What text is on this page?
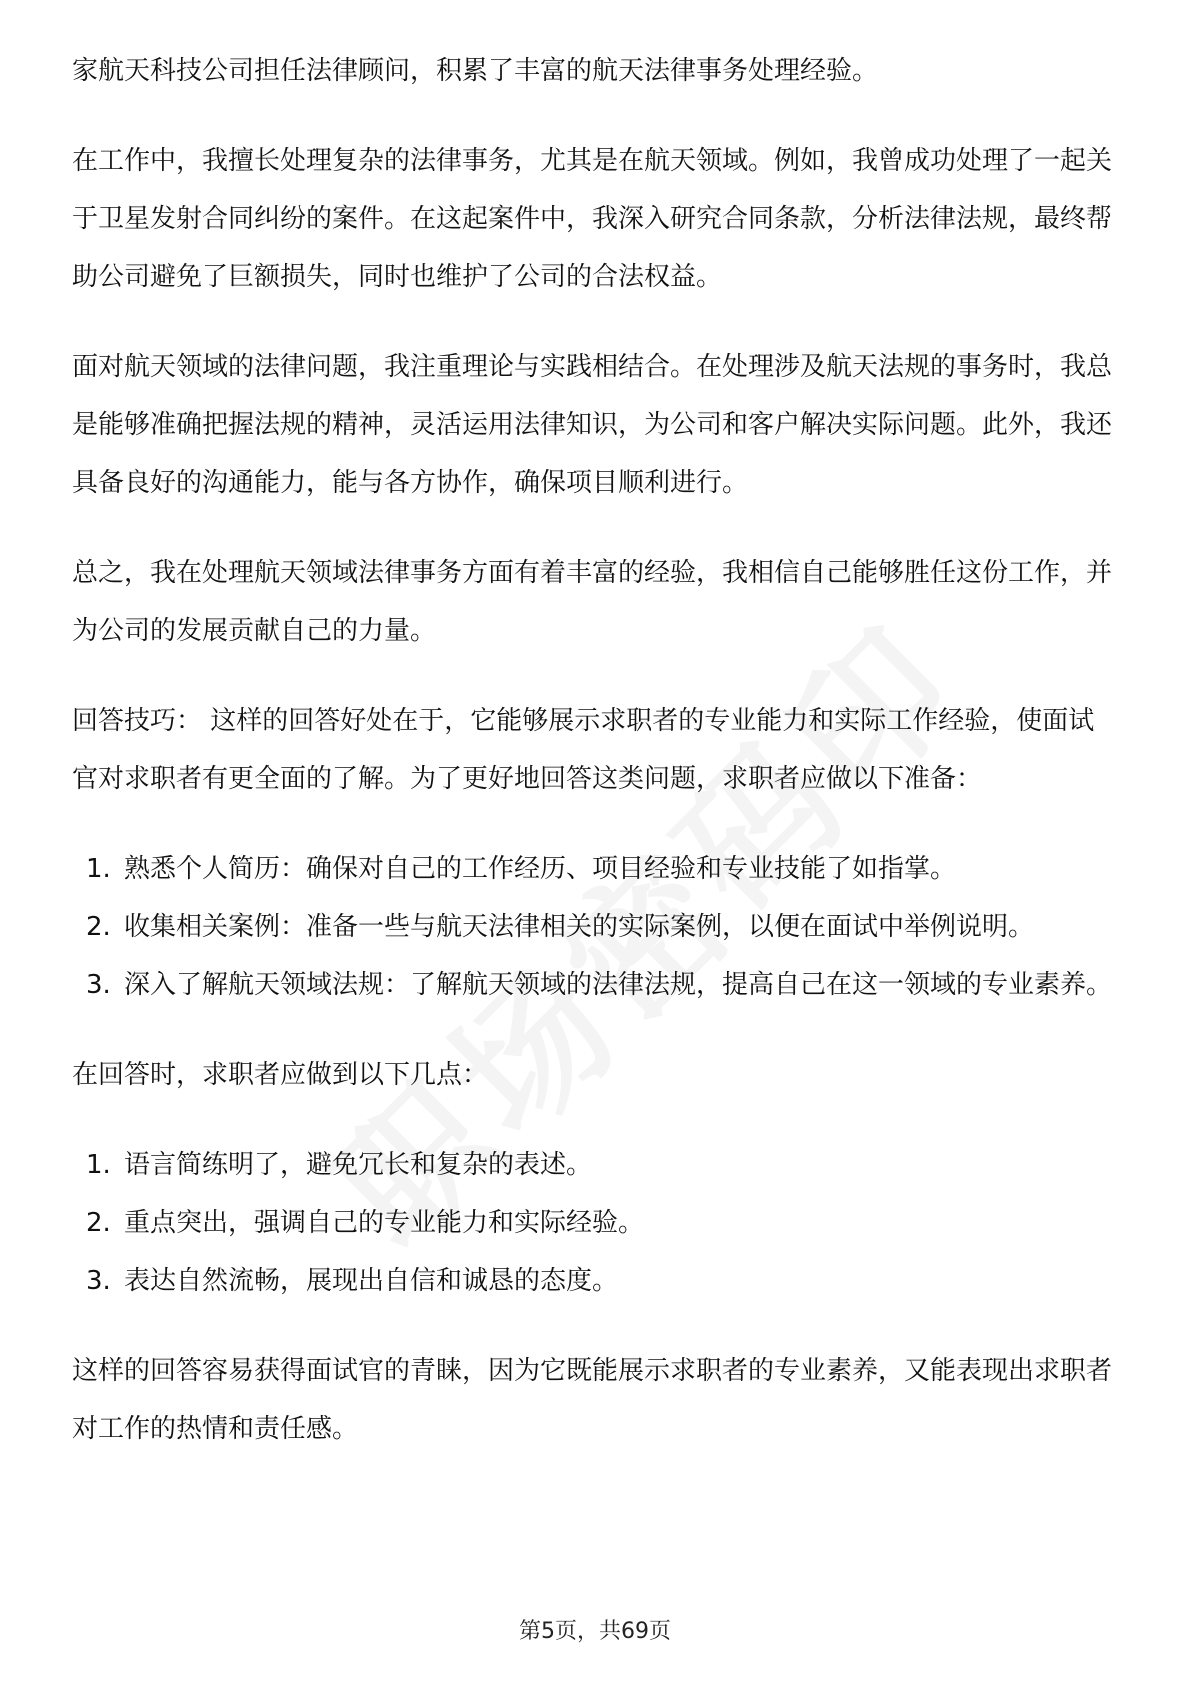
家航天科技公司担任法律顾问，积累了丰富的航天法律事务处理经验。

在工作中，我擅长处理复杂的法律事务，尤其是在航天领域。例如，我曾成功处理了一起关于卫星发射合同纠纷的案件。在这起案件中，我深入研究合同条款，分析法律法规，最终帮助公司避免了巨额损失，同时也维护了公司的合法权益。

面对航天领域的法律问题，我注重理论与实践相结合。在处理涉及航天法规的事务时，我总是能够准确把握法规的精神，灵活运用法律知识，为公司和客户解决实际问题。此外，我还具备良好的沟通能力，能与各方协作，确保项目顺利进行。

总之，我在处理航天领域法律事务方面有着丰富的经验，我相信自己能够胜任这份工作，并为公司的发展贡献自己的力量。

回答技巧： 这样的回答好处在于，它能够展示求职者的专业能力和实际工作经验，使面试官对求职者有更全面的了解。为了更好地回答这类问题，求职者应做以下准备：

1. 熟悉个人简历：确保对自己的工作经历、项目经验和专业技能了如指掌。
2. 收集相关案例：准备一些与航天法律相关的实际案例，以便在面试中举例说明。
3. 深入了解航天领域法规：了解航天领域的法律法规，提高自己在这一领域的专业素养。

在回答时，求职者应做到以下几点：

1. 语言简练明了，避免冗长和复杂的表述。
2. 重点突出，强调自己的专业能力和实际经验。
3. 表达自然流畅，展现出自信和诚恳的态度。

这样的回答容易获得面试官的青睐，因为它既能展示求职者的专业素养，又能表现出求职者对工作的热情和责任感。

第5页，共69页
